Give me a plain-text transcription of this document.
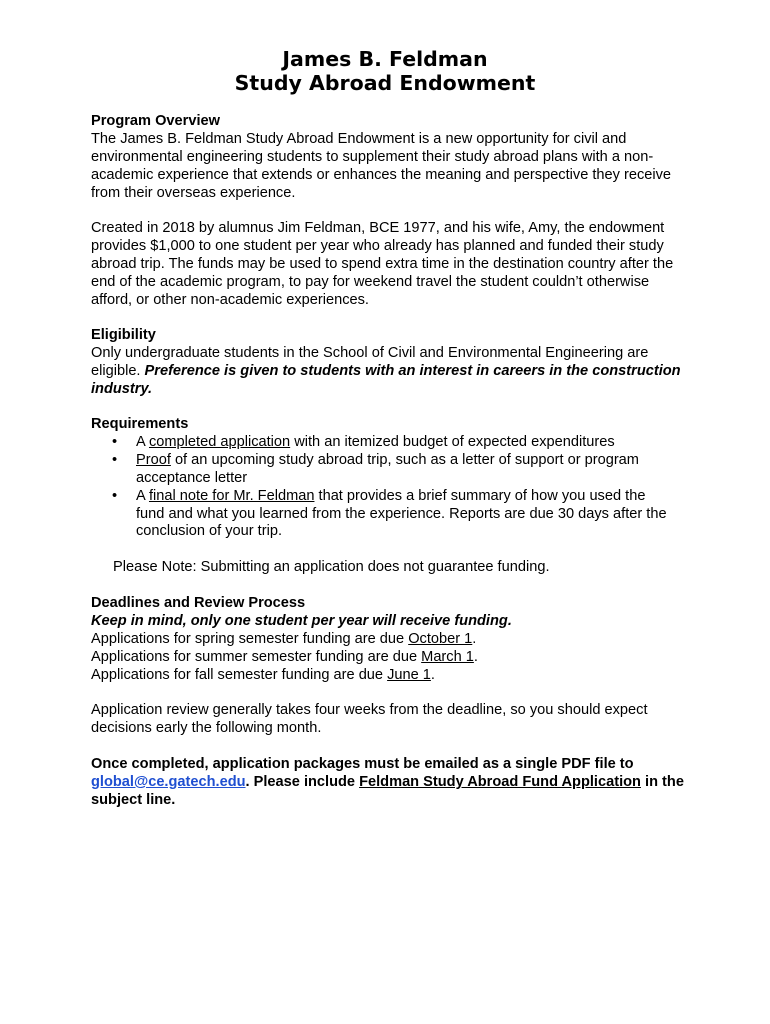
James B. Feldman
Study Abroad Endowment

Program Overview

The James B. Feldman Study Abroad Endowment is a new opportunity for civil and environmental engineering students to supplement their study abroad plans with a non-academic experience that extends or enhances the meaning and perspective they receive from their overseas experience.

Created in 2018 by alumnus Jim Feldman, BCE 1977, and his wife, Amy, the endowment provides $1,000 to one student per year who already has planned and funded their study abroad trip. The funds may be used to spend extra time in the destination country after the end of the academic program, to pay for weekend travel the student couldn’t otherwise afford, or other non-academic experiences.

Eligibility

Only undergraduate students in the School of Civil and Environmental Engineering are eligible. Preference is given to students with an interest in careers in the construction industry.

Requirements

• A completed application with an itemized budget of expected expenditures
• Proof of an upcoming study abroad trip, such as a letter of support or program acceptance letter
• A final note for Mr. Feldman that provides a brief summary of how you used the fund and what you learned from the experience. Reports are due 30 days after the conclusion of your trip.

Please Note: Submitting an application does not guarantee funding.

Deadlines and Review Process

Keep in mind, only one student per year will receive funding.

Applications for spring semester funding are due October 1.

Applications for summer semester funding are due March 1.

Applications for fall semester funding are due June 1.

Application review generally takes four weeks from the deadline, so you should expect decisions early the following month.

Once completed, application packages must be emailed as a single PDF file to global@ce.gatech.edu. Please include Feldman Study Abroad Fund Application in the subject line.
